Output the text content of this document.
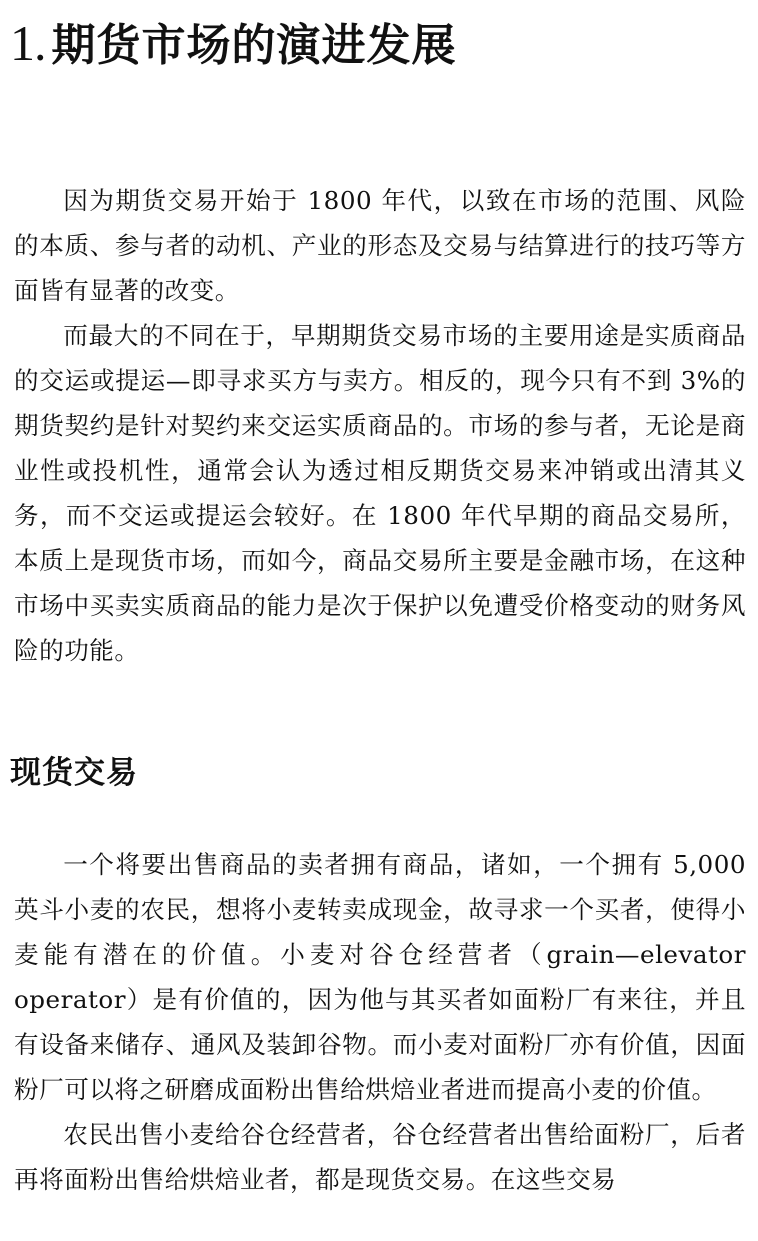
1. 期货市场的演进发展

因为期货交易开始于 1800 年代，以致在市场的范围、风险的本质、参与者的动机、产业的形态及交易与结算进行的技巧等方面皆有显著的改变。

而最大的不同在于，早期期货交易市场的主要用途是实质商品的交运或提运—即寻求买方与卖方。相反的，现今只有不到 3%的期货契约是针对契约来交运实质商品的。市场的参与者，无论是商业性或投机性，通常会认为透过相反期货交易来冲销或出清其义务，而不交运或提运会较好。在 1800 年代早期的商品交易所，本质上是现货市场，而如今，商品交易所主要是金融市场，在这种市场中买卖实质商品的能力是次于保护以免遭受价格变动的财务风险的功能。

现货交易

一个将要出售商品的卖者拥有商品，诸如，一个拥有 5,000 英斗小麦的农民，想将小麦转卖成现金，故寻求一个买者，使得小麦能有潜在的价值。小麦对谷仓经营者（grain—elevator operator）是有价值的，因为他与其买者如面粉厂有来往，并且有设备来储存、通风及装卸谷物。而小麦对面粉厂亦有价值，因面粉厂可以将之研磨成面粉出售给烘焙业者进而提高小麦的价值。

农民出售小麦给谷仓经营者，谷仓经营者出售给面粉厂，后者再将面粉出售给烘焙业者，都是现货交易。在这些交易
